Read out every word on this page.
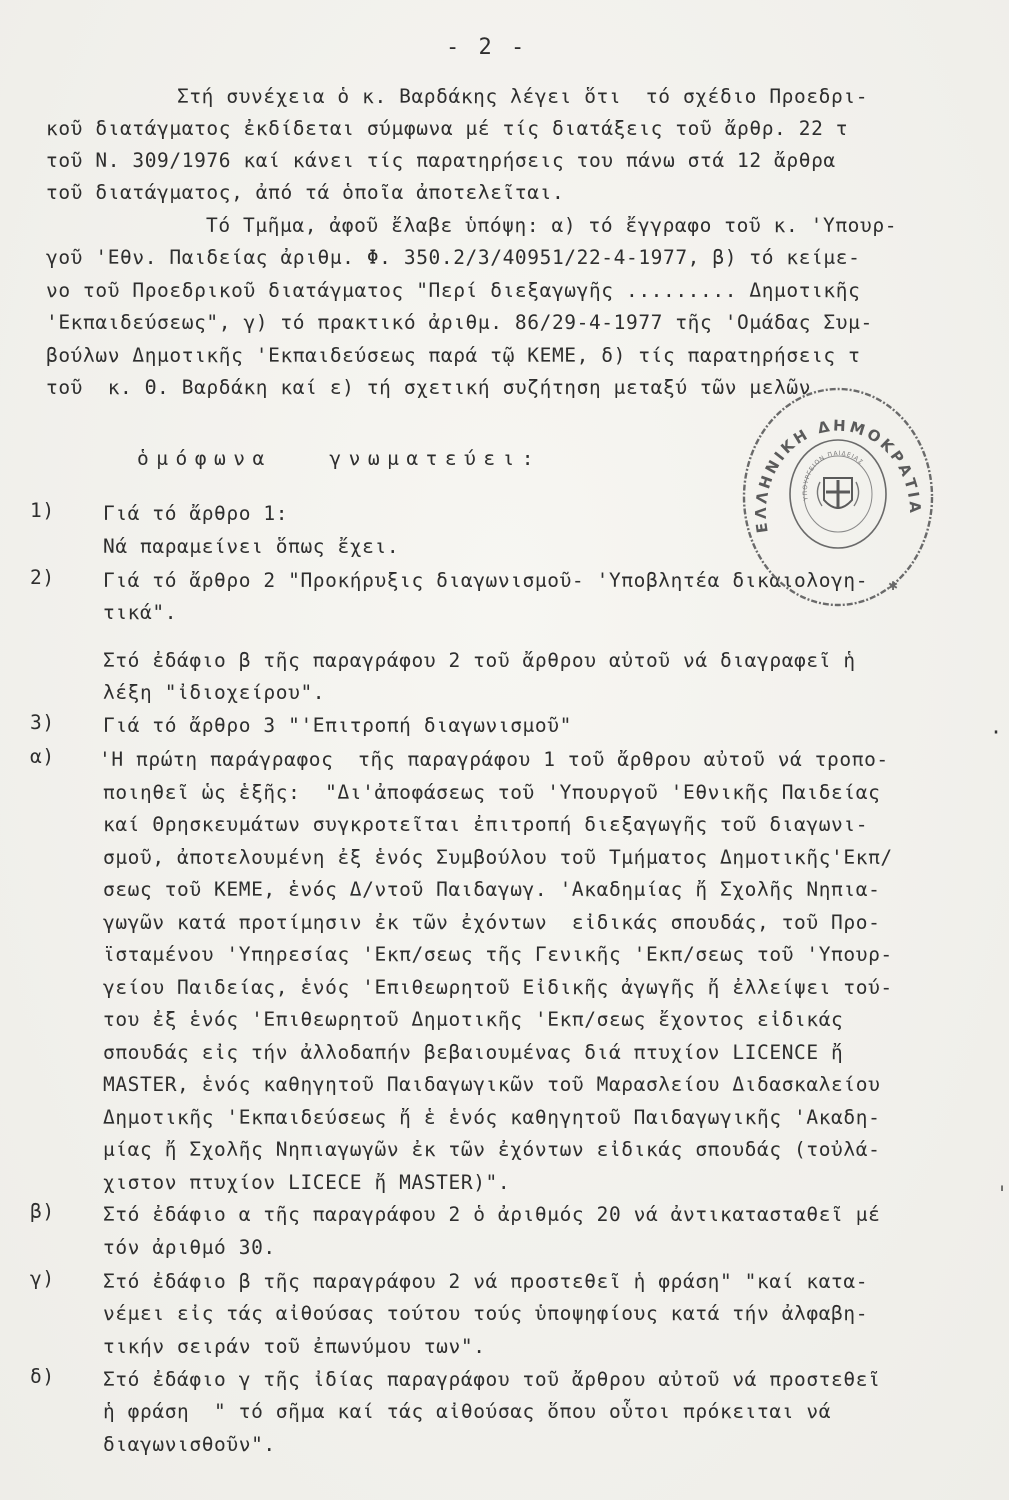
- 2 -
Στή συνέχεια ὁ κ. Βαρδάκης λέγει ὅτι  τό σχέδιο Προεδρι-
κοῦ διατάγματος ἐκδίδεται σύμφωνα μέ τίς διατάξεις τοῦ ἄρθρ. 22 τ
τοῦ Ν. 309/1976 καί κάνει τίς παρατηρήσεις του πάνω στά 12 ἄρθρα
τοῦ διατάγματος, ἀπό τά ὁποῖα ἀποτελεῖται.
Τό Τμῆμα, ἀφοῦ ἔλαβε ὑπόψη: α) τό ἔγγραφο τοῦ κ. 'Υπουρ-
γοῦ 'Εθν. Παιδείας ἀριθμ. Φ. 350.2/3/40951/22-4-1977, β) τό κείμε-
νο τοῦ Προεδρικοῦ διατάγματος "Περί διεξαγωγῆς ......... Δημοτικῆς
'Εκπαιδεύσεως", γ) τό πρακτικό ἀριθμ. 86/29-4-1977 τῆς 'Ομάδας Συμ-
βούλων Δημοτικῆς 'Εκπαιδεύσεως παρά τῷ ΚΕΜΕ, δ) τίς παρατηρήσεις τ
τοῦ  κ. Θ. Βαρδάκη καί ε) τή σχετική συζήτηση μεταξύ τῶν μελῶν
ὁμόφωνα   γνωματεύει:
1) Γιά τό ἄρθρο 1:
Νά παραμείνει ὅπως ἔχει.
2) Γιά τό ἄρθρο 2 "Προκήρυξις διαγωνισμοῦ- 'Υποβλητέα δικαιολογη-
τικά".
Στό ἐδάφιο β τῆς παραγράφου 2 τοῦ ἄρθρου αὐτοῦ νά διαγραφεῖ ἡ
λέξη "ἰδιοχείρου".
3) Γιά τό ἄρθρο 3 "'Επιτροπή διαγωνισμοῦ"	·
α) 'Η πρώτη παράγραφος  τῆς παραγράφου 1 τοῦ ἄρθρου αὐτοῦ νά τροπο-
ποιηθεῖ ὡς ἑξῆς:  "Δι'ἀποφάσεως τοῦ 'Υπουργοῦ 'Εθνικῆς Παιδείας
καί Θρησκευμάτων συγκροτεῖται ἐπιτροπή διεξαγωγῆς τοῦ διαγωνι-
σμοῦ, ἀποτελουμένη ἐξ ἑνός Συμβούλου τοῦ Τμήματος Δημοτικῆς'Εκπ/
σεως τοῦ ΚΕΜΕ, ἑνός Δ/ντοῦ Παιδαγωγ. 'Ακαδημίας ἤ Σχολῆς Νηπια-
γωγῶν κατά προτίμησιν ἐκ τῶν ἐχόντων  εἰδικάς σπουδάς, τοῦ Προ-
ϊσταμένου 'Υπηρεσίας 'Εκπ/σεως τῆς Γενικῆς 'Εκπ/σεως τοῦ 'Υπουρ-
γείου Παιδείας, ἑνός 'Επιθεωρητοῦ Εἰδικῆς ἀγωγῆς ἤ ἐλλείψει τού-
του ἐξ ἑνός 'Επιθεωρητοῦ Δημοτικῆς 'Εκπ/σεως ἔχοντος εἰδικάς
σπουδάς εἰς τήν ἀλλοδαπήν βεβαιουμένας διά πτυχίον LICENCE ἤ
MASTER, ἑνός καθηγητοῦ Παιδαγωγικῶν τοῦ Μαρασλείου Διδασκαλείου
Δημοτικῆς 'Εκπαιδεύσεως ἤ ἑ ἑνός καθηγητοῦ Παιδαγωγικῆς 'Ακαδη-
μίας ἤ Σχολῆς Νηπιαγωγῶν ἐκ τῶν ἐχόντων εἰδικάς σπουδάς (τοὐλά-
χιστον πτυχίον LICECE ἤ MASTER)".	ˈ
β) Στό ἐδάφιο α τῆς παραγράφου 2 ὁ ἀριθμός 20 νά ἀντικατασταθεῖ μέ
τόν ἀριθμό 30.
γ) Στό ἐδάφιο β τῆς παραγράφου 2 νά προστεθεῖ ἡ φράση" "καί κατα-
νέμει εἰς τάς αἰθούσας τούτου τούς ὑποψηφίους κατά τήν ἀλφαβη-
τικήν σειράν τοῦ ἐπωνύμου των".
δ) Στό ἐδάφιο γ τῆς ἰδίας παραγράφου τοῦ ἄρθρου αὐτοῦ νά προστεθεῖ
ἡ φράση  " τό σῆμα καί τάς αἰθούσας ὅπου οὗτοι πρόκειται νά
διαγωνισθοῦν".
ΕΛΛΗΝΙΚΗ ΔΗΜΟΚΡΑΤΙΑ
ΥΠΟΥΡΓΕΙΟΝ ΠΑΙΔΕΙΑΣ
✱
